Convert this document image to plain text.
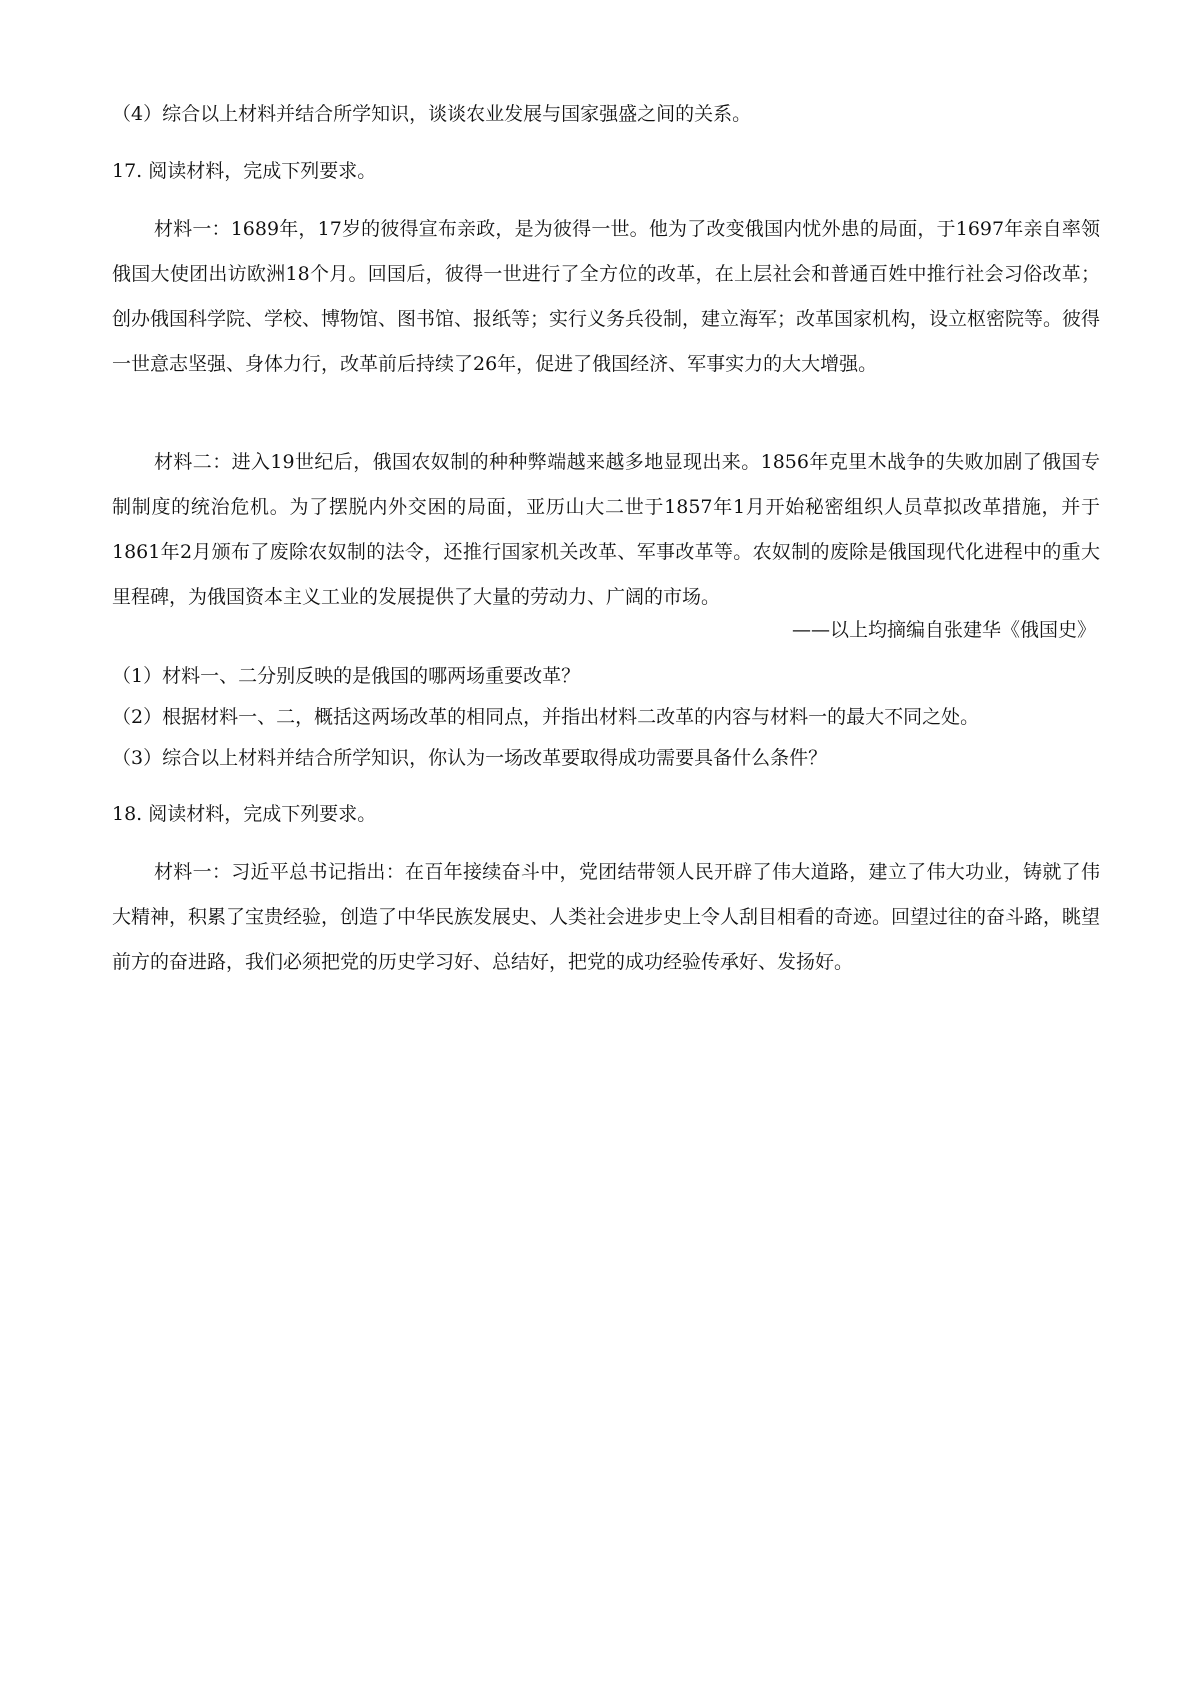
（4）综合以上材料并结合所学知识，谈谈农业发展与国家强盛之间的关系。
17. 阅读材料，完成下列要求。
材料一：1689年，17岁的彼得宣布亲政，是为彼得一世。他为了改变俄国内忧外患的局面，于1697年亲自率领俄国大使团出访欧洲18个月。回国后，彼得一世进行了全方位的改革，在上层社会和普通百姓中推行社会习俗改革；创办俄国科学院、学校、博物馆、图书馆、报纸等；实行义务兵役制，建立海军；改革国家机构，设立枢密院等。彼得一世意志坚强、身体力行，改革前后持续了26年，促进了俄国经济、军事实力的大大增强。
材料二：进入19世纪后，俄国农奴制的种种弊端越来越多地显现出来。1856年克里木战争的失败加剧了俄国专制制度的统治危机。为了摆脱内外交困的局面，亚历山大二世于1857年1月开始秘密组织人员草拟改革措施，并于1861年2月颁布了废除农奴制的法令，还推行国家机关改革、军事改革等。农奴制的废除是俄国现代化进程中的重大里程碑，为俄国资本主义工业的发展提供了大量的劳动力、广阔的市场。
——以上均摘编自张建华《俄国史》
（1）材料一、二分别反映的是俄国的哪两场重要改革？
（2）根据材料一、二，概括这两场改革的相同点，并指出材料二改革的内容与材料一的最大不同之处。
（3）综合以上材料并结合所学知识，你认为一场改革要取得成功需要具备什么条件？
18. 阅读材料，完成下列要求。
材料一：习近平总书记指出：在百年接续奋斗中，党团结带领人民开辟了伟大道路，建立了伟大功业，铸就了伟大精神，积累了宝贵经验，创造了中华民族发展史、人类社会进步史上令人刮目相看的奇迹。回望过往的奋斗路，眺望前方的奋进路，我们必须把党的历史学习好、总结好，把党的成功经验传承好、发扬好。
